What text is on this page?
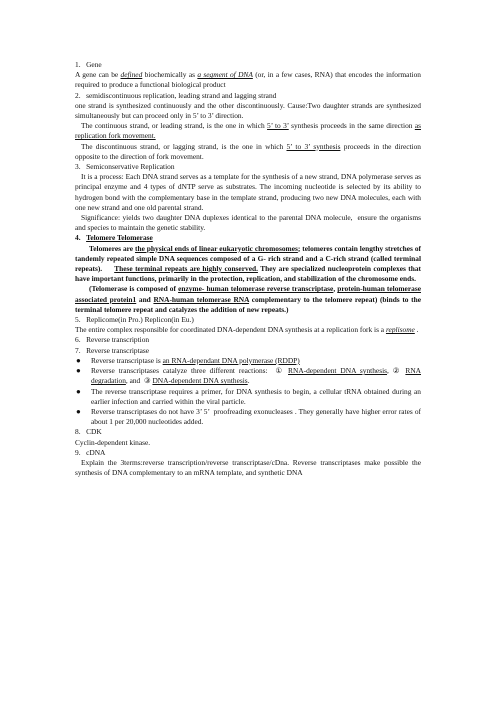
1.   Gene

A gene can be defined biochemically as a segment of DNA (or, in a few cases, RNA) that encodes the information required to produce a functional biological product

2.   semidiscontinuous replication, leading strand and lagging strand

one strand is synthesized continuously and the other discontinuously. Cause:Two daughter strands are synthesized simultaneously but can proceed only in 5’ to 3’ direction.

The continuous strand, or leading strand, is the one in which 5’ to 3’ synthesis proceeds in the same direction as replication fork movement.

The discontinuous strand, or lagging strand, is the one in which 5’ to 3’ synthesis proceeds in the direction opposite to the direction of fork movement.

3.   Semiconservative Replication

It is a process: Each DNA strand serves as a template for the synthesis of a new strand, DNA polymerase serves as principal enzyme and 4 types of dNTP serve as substrates. The incoming nucleotide is selected by its ability to hydrogen bond with the complementary base in the template strand, producing two new DNA molecules, each with one new strand and one old parental strand.

Significance: yields two daughter DNA duplexes identical to the parental DNA molecule,  ensure the organisms and species to maintain the genetic stability.

4.   Telomere Telomerase

Telomeres are the physical ends of linear eukaryotic chromosomes; telomeres contain lengthy stretches of tandemly repeated simple DNA sequences composed of a G- rich strand and a C-rich strand (called terminal repeats).     These terminal repeats are highly conserved. They are specialized nucleoprotein complexes that have important functions, primarily in the protection, replication, and stabilization of the chromosome ends.

(Telomerase is composed of enzyme- human telomerase reverse transcriptase, protein-human telomerase associated protein1 and RNA-human telomerase RNA complementary to the telomere repeat) (binds to the terminal telomere repeat and catalyzes the addition of new repeats.)

5.   Replicome(in Pro.) Replicon(in Eu.)

The entire complex responsible for coordinated DNA-dependent DNA synthesis at a replication fork is a replisome .

6.   Reverse transcription

7.   Reverse transcriptase

● Reverse transcriptase is an RNA-dependant DNA polymerase (RDDP)

● Reverse transcriptases catalyze three different reactions:  ① RNA-dependent DNA synthesis, ② RNA degradation, and  ③ DNA-dependent DNA synthesis.

● The reverse transcriptase requires a primer, for DNA synthesis to begin, a cellular tRNA obtained during an earlier infection and carried within the viral particle.

● Reverse transcriptases do not have 3’ 5’  proofreading exonucleases . They generally have higher error rates of about 1 per 20,000 nucleotides added.

8.   CDK

Cyclin-dependent kinase.

9.   cDNA

Explain the 3terms:reverse transcription/reverse transcriptase/cDna. Reverse transcriptases make possible the synthesis of DNA complementary to an mRNA template, and synthetic DNA
